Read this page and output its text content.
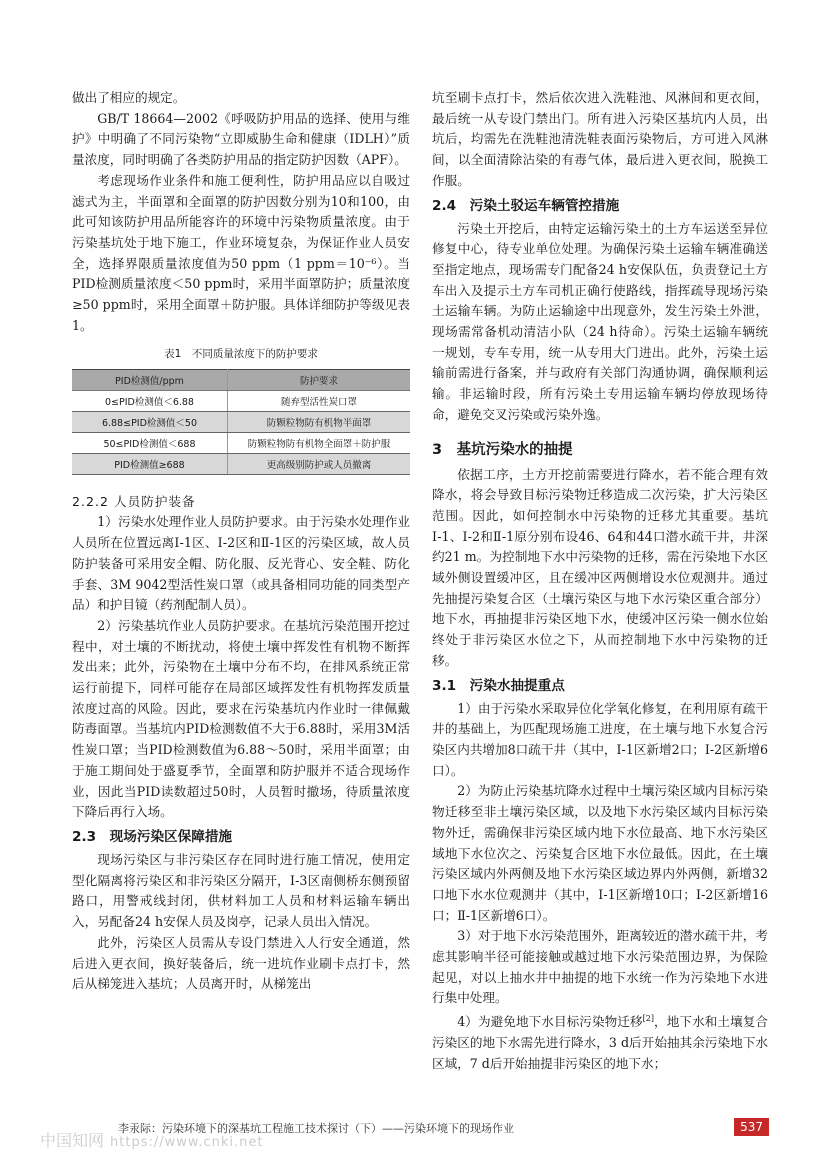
做出了相应的规定。

GB/T 18664—2002《呼吸防护用品的选择、使用与维护》中明确了不同污染物“立即威胁生命和健康（IDLH）”质量浓度，同时明确了各类防护用品的指定防护因数（APF）。

考虑现场作业条件和施工便利性，防护用品应以自吸过滤式为主，半面罩和全面罩的防护因数分别为10和100，由此可知该防护用品所能容许的环境中污染物质量浓度。由于污染基坑处于地下施工，作业环境复杂，为保证作业人员安全，选择界限质量浓度值为50 ppm（1 ppm＝10⁻⁶）。当PID检测质量浓度＜50 ppm时，采用半面罩防护；质量浓度≥50 ppm时，采用全面罩＋防护服。具体详细防护等级见表1。

表1　不同质量浓度下的防护要求
PID检测值/ppm	防护要求
0≤PID检测值＜6.88	随弃型活性炭口罩
6.88≤PID检测值＜50	防颗粒物防有机物半面罩
50≤PID检测值＜688	防颗粒物防有机物全面罩＋防护服
PID检测值≥688	更高级别防护或人员撤离
2.2.2 人员防护装备

1）污染水处理作业人员防护要求。由于污染水处理作业人员所在位置远离Ⅰ-1区、Ⅰ-2区和Ⅱ-1区的污染区域，故人员防护装备可采用安全帽、防化服、反光背心、安全鞋、防化手套、3M 9042型活性炭口罩（或具备相同功能的同类型产品）和护目镜（药剂配制人员）。

2）污染基坑作业人员防护要求。在基坑污染范围开挖过程中，对土壤的不断扰动，将使土壤中挥发性有机物不断挥发出来；此外，污染物在土壤中分布不均，在排风系统正常运行前提下，同样可能存在局部区域挥发性有机物挥发质量浓度过高的风险。因此，要求在污染基坑内作业时一律佩戴防毒面罩。当基坑内PID检测数值不大于6.88时，采用3M活性炭口罩；当PID检测数值为6.88～50时，采用半面罩；由于施工期间处于盛夏季节，全面罩和防护服并不适合现场作业，因此当PID读数超过50时，人员暂时撤场，待质量浓度下降后再行入场。

2.3　现场污染区保障措施

现场污染区与非污染区存在同时进行施工情况，使用定型化隔离将污染区和非污染区分隔开，Ⅰ-3区南侧桥东侧预留路口，用警戒线封闭，供材料加工人员和材料运输车辆出入，另配备24 h安保人员及岗亭，记录人员出入情况。

此外，污染区人员需从专设门禁进入人行安全通道，然后进入更衣间，换好装备后，统一进坑作业刷卡点打卡，然后从梯笼进入基坑；人员离开时，从梯笼出

坑至刷卡点打卡，然后依次进入洗鞋池、风淋间和更衣间，最后统一从专设门禁出门。所有进入污染区基坑内人员，出坑后，均需先在洗鞋池清洗鞋表面污染物后，方可进入风淋间，以全面清除沾染的有毒气体，最后进入更衣间，脱换工作服。

2.4　污染土驳运车辆管控措施

污染土开挖后，由特定运输污染土的土方车运送至异位修复中心，待专业单位处理。为确保污染土运输车辆准确送至指定地点，现场需专门配备24 h安保队伍，负责登记土方车出入及提示土方车司机正确行使路线，指挥疏导现场污染土运输车辆。为防止运输途中出现意外，发生污染土外泄，现场需常备机动清洁小队（24 h待命）。污染土运输车辆统一规划，专车专用，统一从专用大门进出。此外，污染土运输前需进行备案，并与政府有关部门沟通协调，确保顺利运输。非运输时段，所有污染土专用运输车辆均停放现场待命，避免交叉污染或污染外逸。

3　基坑污染水的抽提

依据工序，土方开挖前需要进行降水，若不能合理有效降水，将会导致目标污染物迁移造成二次污染，扩大污染区范围。因此，如何控制水中污染物的迁移尤其重要。基坑Ⅰ-1、Ⅰ-2和Ⅱ-1原分别布设46、64和44口潜水疏干井，井深约21 m。为控制地下水中污染物的迁移，需在污染地下水区域外侧设置缓冲区，且在缓冲区两侧增设水位观测井。通过先抽提污染复合区（土壤污染区与地下水污染区重合部分）地下水，再抽提非污染区地下水，使缓冲区污染一侧水位始终处于非污染区水位之下，从而控制地下水中污染物的迁移。

3.1　污染水抽提重点

1）由于污染水采取异位化学氧化修复，在利用原有疏干井的基础上，为匹配现场施工进度，在土壤与地下水复合污染区内共增加8口疏干井（其中，Ⅰ-1区新增2口；Ⅰ-2区新增6口）。

2）为防止污染基坑降水过程中土壤污染区域内目标污染物迁移至非土壤污染区域，以及地下水污染区域内目标污染物外迁，需确保非污染区域内地下水位最高、地下水污染区域地下水位次之、污染复合区地下水位最低。因此，在土壤污染区域内外两侧及地下水污染区域边界内外两侧，新增32口地下水水位观测井（其中，Ⅰ-1区新增10口；Ⅰ-2区新增16口；Ⅱ-1区新增6口）。

3）对于地下水污染范围外，距离较近的潜水疏干井，考虑其影响半径可能接触或越过地下水污染范围边界，为保险起见，对以上抽水井中抽提的地下水统一作为污染地下水进行集中处理。

4）为避免地下水目标污染物迁移[2]，地下水和土壤复合污染区的地下水需先进行降水，3 d后开始抽其余污染地下水区域，7 d后开始抽提非污染区的地下水；

李汞际：污染环境下的深基坑工程施工技术探讨（下）——污染环境下的现场作业	537
中国知网 https://www.cnki.net
